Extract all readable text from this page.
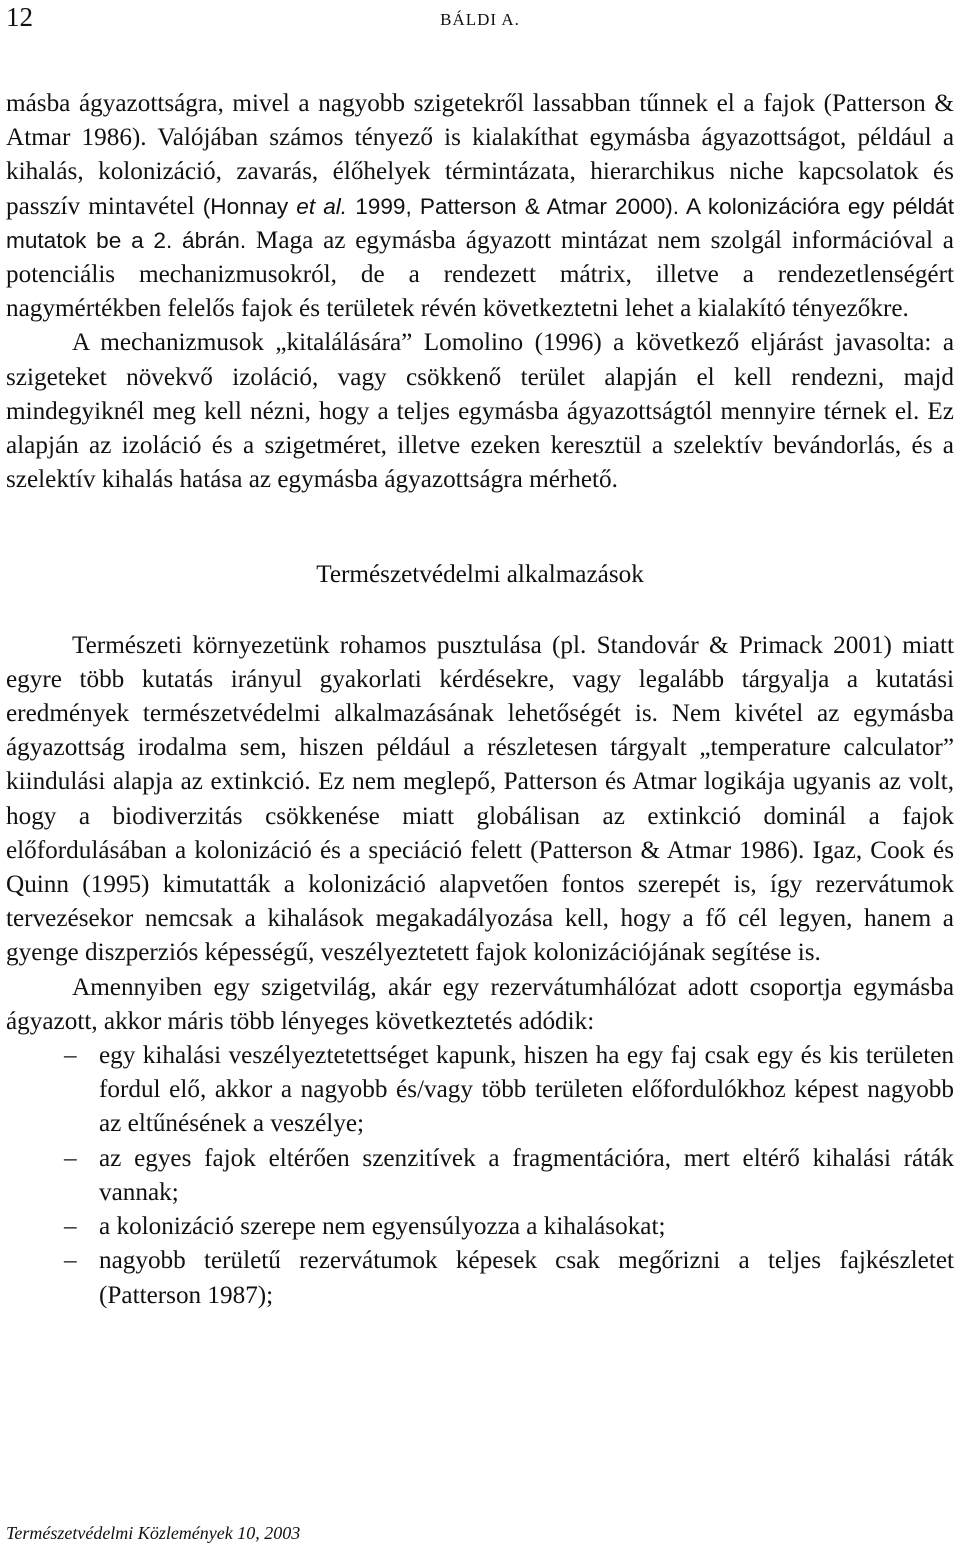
12	BÁLDI A.

másba ágyazottságra, mivel a nagyobb szigetekről lassabban tűnnek el a fajok (Patterson & Atmar 1986). Valójában számos tényező is kialakíthat egymásba ágyazottságot, például a kihalás, kolonizáció, zavarás, élőhelyek términtázata, hierarchikus niche kapcsolatok és passzív mintavétel (Honnay et al. 1999, Patterson & Atmar 2000). A kolonizációra egy példát mutatok be a 2. ábrán. Maga az egymásba ágyazott mintázat nem szolgál információval a potenciális mechanizmusokról, de a rendezett mátrix, illetve a rendezetlenségért nagymértékben felelős fajok és területek révén következtetni lehet a kialakító tényezőkre.

A mechanizmusok „kitalálására” Lomolino (1996) a következő eljárást javasolta: a szigeteket növekvő izoláció, vagy csökkenő terület alapján el kell rendezni, majd mindegyiknél meg kell nézni, hogy a teljes egymásba ágyazottságtól mennyire térnek el. Ez alapján az izoláció és a szigetméret, illetve ezeken keresztül a szelektív bevándorlás, és a szelektív kihalás hatása az egymásba ágyazottságra mérhető.

Természetvédelmi alkalmazások

Természeti környezetünk rohamos pusztulása (pl. Standovár & Primack 2001) miatt egyre több kutatás irányul gyakorlati kérdésekre, vagy legalább tárgyalja a kutatási eredmények természetvédelmi alkalmazásának lehetőségét is. Nem kivétel az egymásba ágyazottság irodalma sem, hiszen például a részletesen tárgyalt „temperature calculator” kiindulási alapja az extinkció. Ez nem meglepő, Patterson és Atmar logikája ugyanis az volt, hogy a biodiverzitás csökkenése miatt globálisan az extinkció dominál a fajok előfordulásában a kolonizáció és a speciáció felett (Patterson & Atmar 1986). Igaz, Cook és Quinn (1995) kimutatták a kolonizáció alapvetően fontos szerepét is, így rezervátumok tervezésekor nemcsak a kihalások megakadályozása kell, hogy a fő cél legyen, hanem a gyenge diszperziós képességű, veszélyeztetett fajok kolonizációjának segítése is.

Amennyiben egy szigetvilág, akár egy rezervátumhálózat adott csoportja egymásba ágyazott, akkor máris több lényeges következtetés adódik:

– egy kihalási veszélyeztetettséget kapunk, hiszen ha egy faj csak egy és kis területen fordul elő, akkor a nagyobb és/vagy több területen előfordulókhoz képest nagyobb az eltűnésének a veszélye;
– az egyes fajok eltérően szenzitívek a fragmentációra, mert eltérő kihalási ráták vannak;
– a kolonizáció szerepe nem egyensúlyozza a kihalásokat;
– nagyobb területű rezervátumok képesek csak megőrizni a teljes fajkészletet (Patterson 1987);
Természetvédelmi Közlemények 10, 2003
